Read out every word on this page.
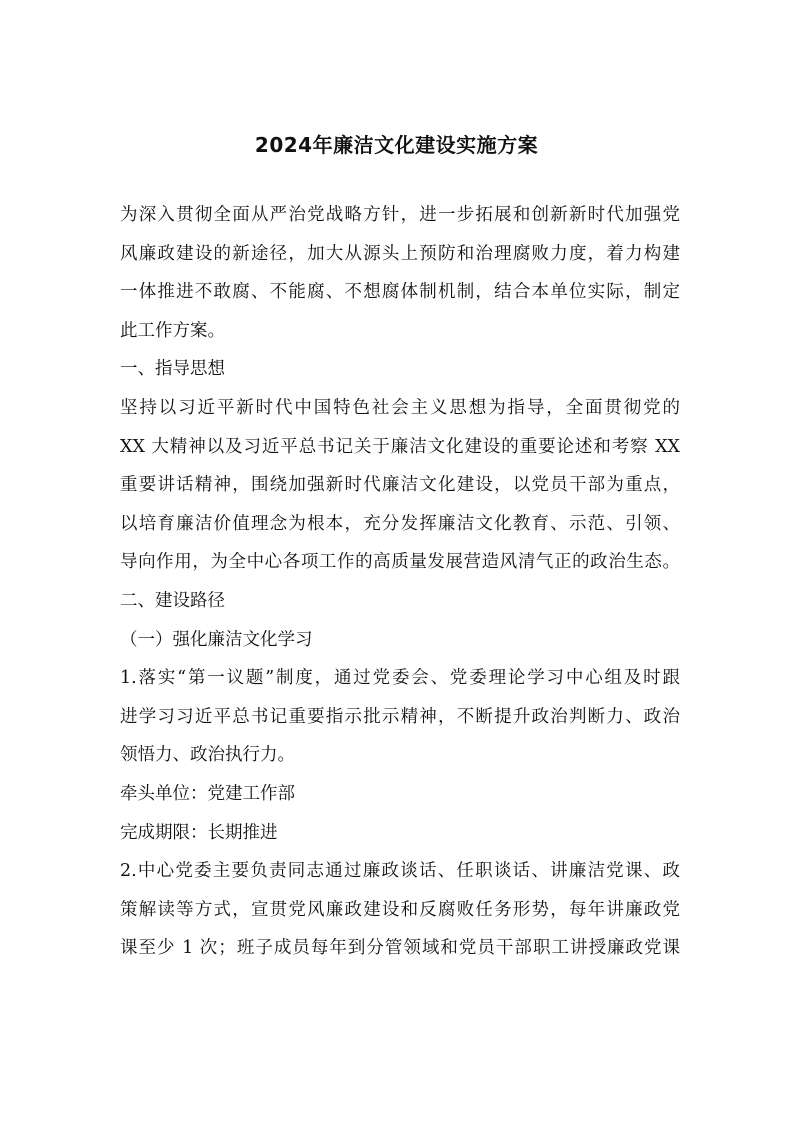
2024年廉洁文化建设实施方案
为深入贯彻全面从严治党战略方针，进一步拓展和创新新时代加强党
风廉政建设的新途径，加大从源头上预防和治理腐败力度，着力构建
一体推进不敢腐、不能腐、不想腐体制机制，结合本单位实际，制定
此工作方案。
一、指导思想
坚持以习近平新时代中国特色社会主义思想为指导，全面贯彻党的
XX 大精神以及习近平总书记关于廉洁文化建设的重要论述和考察 XX
重要讲话精神，围绕加强新时代廉洁文化建设，以党员干部为重点，
以培育廉洁价值理念为根本，充分发挥廉洁文化教育、示范、引领、
导向作用，为全中心各项工作的高质量发展营造风清气正的政治生态。
二、建设路径
（一）强化廉洁文化学习
1.落实“第一议题”制度，通过党委会、党委理论学习中心组及时跟
进学习习近平总书记重要指示批示精神，不断提升政治判断力、政治
领悟力、政治执行力。
牵头单位：党建工作部
完成期限：长期推进
2.中心党委主要负责同志通过廉政谈话、任职谈话、讲廉洁党课、政
策解读等方式，宣贯党风廉政建设和反腐败任务形势，每年讲廉政党
课至少 1 次；班子成员每年到分管领域和党员干部职工讲授廉政党课
